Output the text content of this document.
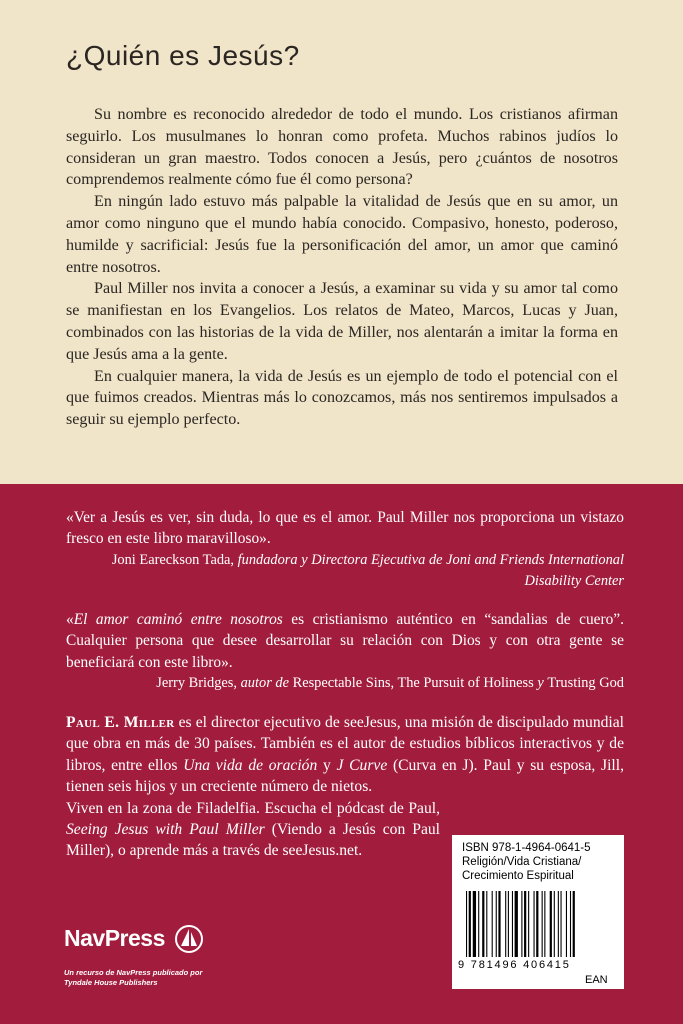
¿Quién es Jesús?

Su nombre es reconocido alrededor de todo el mundo. Los cristianos afirman seguirlo. Los musulmanes lo honran como profeta. Muchos rabinos judíos lo consideran un gran maestro. Todos conocen a Jesús, pero ¿cuántos de nosotros comprendemos realmente cómo fue él como persona?

En ningún lado estuvo más palpable la vitalidad de Jesús que en su amor, un amor como ninguno que el mundo había conocido. Compasivo, honesto, poderoso, humilde y sacrificial: Jesús fue la personificación del amor, un amor que caminó entre nosotros.

Paul Miller nos invita a conocer a Jesús, a examinar su vida y su amor tal como se manifiestan en los Evangelios. Los relatos de Mateo, Marcos, Lucas y Juan, combinados con las historias de la vida de Miller, nos alentarán a imitar la forma en que Jesús ama a la gente.

En cualquier manera, la vida de Jesús es un ejemplo de todo el potencial con el que fuimos creados. Mientras más lo conozcamos, más nos sentiremos impulsados a seguir su ejemplo perfecto.

«Ver a Jesús es ver, sin duda, lo que es el amor. Paul Miller nos proporciona un vistazo fresco en este libro maravilloso».

Joni Eareckson Tada, fundadora y Directora Ejecutiva de Joni and Friends International Disability Center

«El amor caminó entre nosotros es cristianismo auténtico en “sandalias de cuero”. Cualquier persona que desee desarrollar su relación con Dios y con otra gente se beneficiará con este libro».

Jerry Bridges, autor de Respectable Sins, The Pursuit of Holiness y Trusting God

Paul E. Miller es el director ejecutivo de seeJesus, una misión de discipulado mundial que obra en más de 30 países. También es el autor de estudios bíblicos interactivos y de libros, entre ellos Una vida de oración y J Curve (Curva en J). Paul y su esposa, Jill, tienen seis hijos y un creciente número de nietos.

Viven en la zona de Filadelfia. Escucha el pódcast de Paul, Seeing Jesus with Paul Miller (Viendo a Jesús con Paul Miller), o aprende más a través de seeJesus.net.	ISBN 978-1-4964-0641-5
Religión/Vida Cristiana/
Crecimiento Espiritual
9 781496 406415
EAN
NavPress
Un recurso de NavPress publicado por
Tyndale House Publishers
